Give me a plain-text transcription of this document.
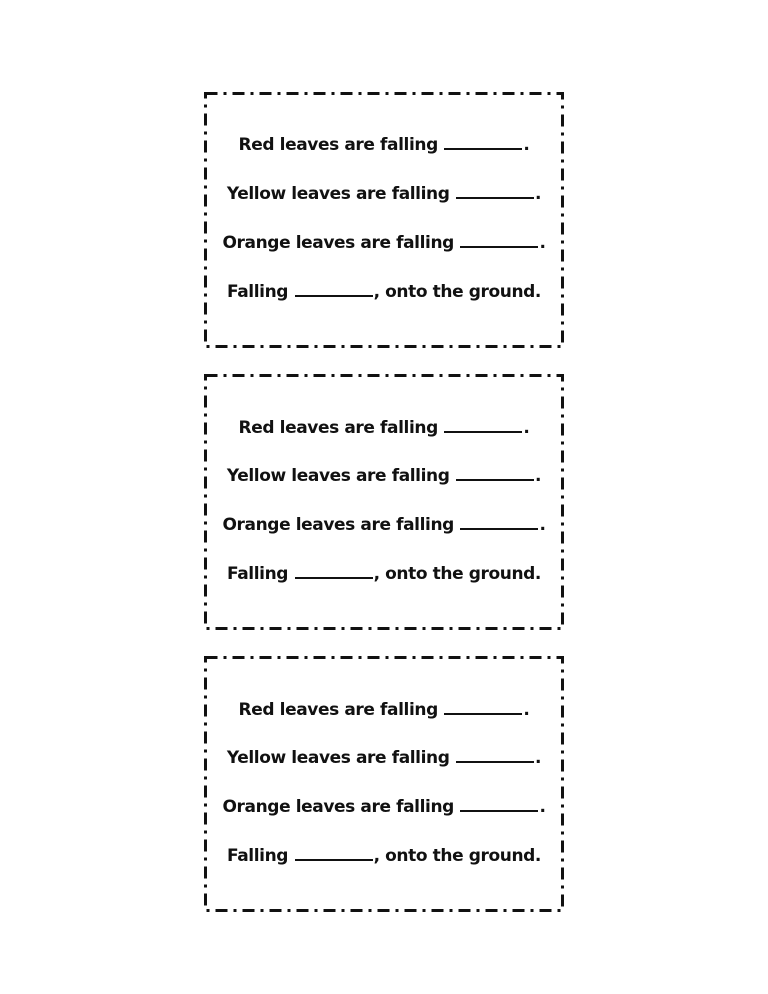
Red leaves are falling	.
Yellow leaves are falling	.
Orange leaves are falling	.
Falling	, onto the ground.
Red leaves are falling	.
Yellow leaves are falling	.
Orange leaves are falling	.
Falling	, onto the ground.
Red leaves are falling	.
Yellow leaves are falling	.
Orange leaves are falling	.
Falling	, onto the ground.
